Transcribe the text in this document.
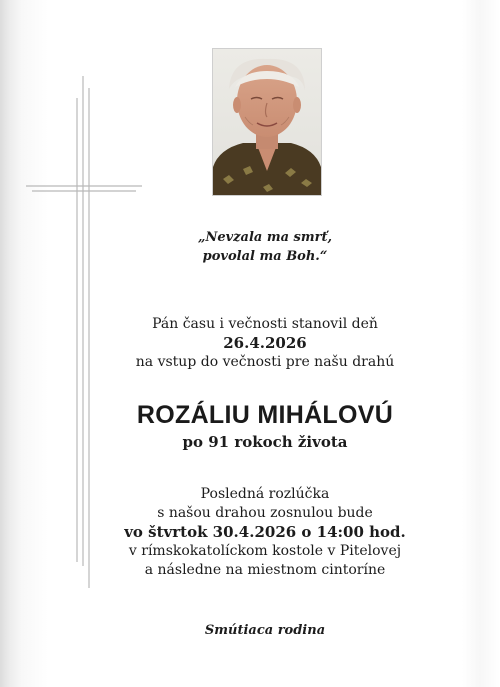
„Nevzala ma smrť,
povolal ma Boh.“

Pán času i večnosti stanovil deň
26.4.2026
na vstup do večnosti pre našu drahú

ROZÁLIU MIHÁLOVÚ

po 91 rokoch života

Posledná rozlúčka
s našou drahou zosnulou bude
vo štvrtok 30.4.2026 o 14:00 hod.
v rímskokatolíckom kostole v Pitelovej
a následne na miestnom cintoríne

Smútiaca rodina
